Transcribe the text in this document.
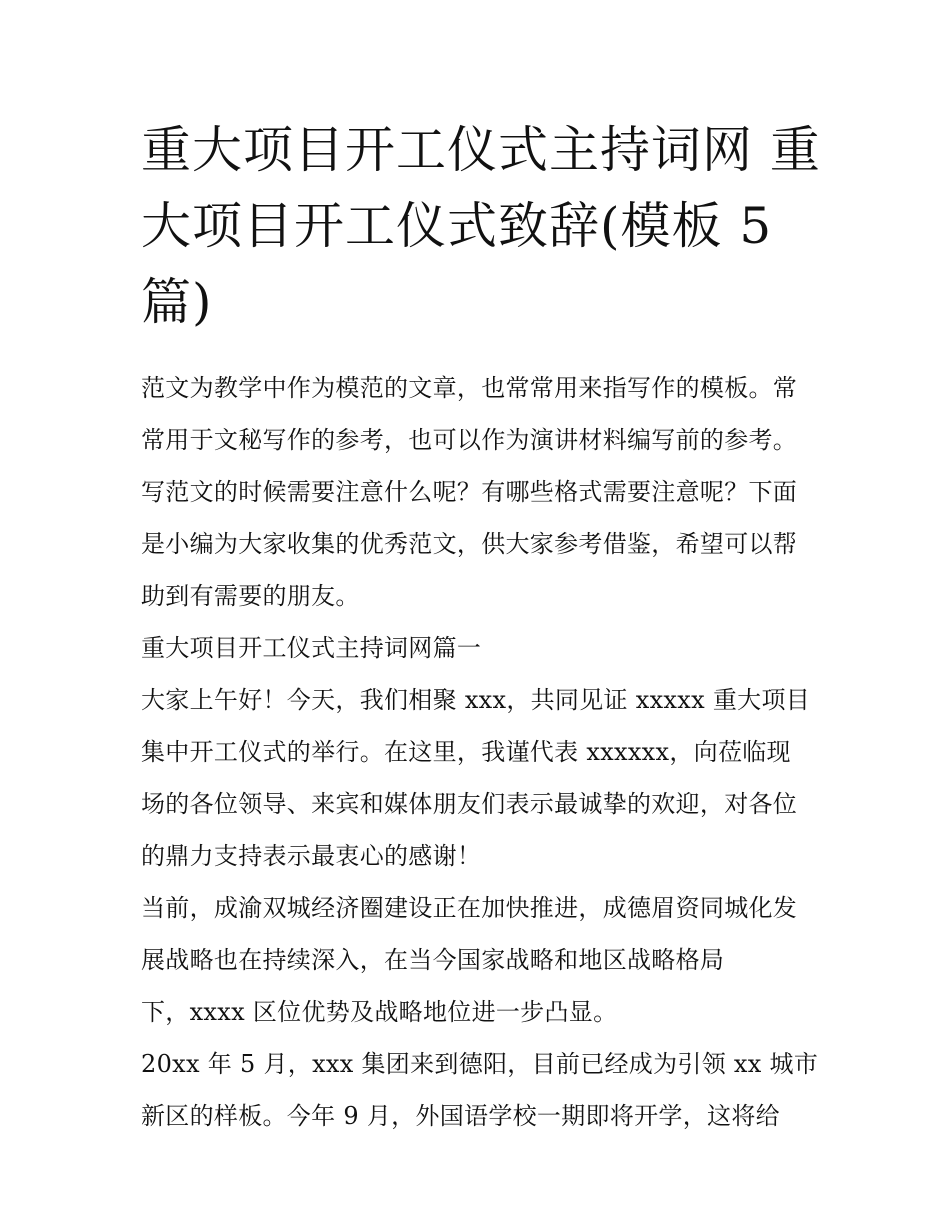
重大项目开工仪式主持词网 重
大项目开工仪式致辞(模板 5
篇)
范文为教学中作为模范的文章，也常常用来指写作的模板。常
常用于文秘写作的参考，也可以作为演讲材料编写前的参考。
写范文的时候需要注意什么呢？有哪些格式需要注意呢？下面
是小编为大家收集的优秀范文，供大家参考借鉴，希望可以帮
助到有需要的朋友。
重大项目开工仪式主持词网篇一
大家上午好！今天，我们相聚 xxx，共同见证 xxxxx 重大项目
集中开工仪式的举行。在这里，我谨代表 xxxxxx，向莅临现
场的各位领导、来宾和媒体朋友们表示最诚挚的欢迎，对各位
的鼎力支持表示最衷心的感谢！
当前，成渝双城经济圈建设正在加快推进，成德眉资同城化发
展战略也在持续深入，在当今国家战略和地区战略格局
下，xxxx 区位优势及战略地位进一步凸显。
20xx 年 5 月，xxx 集团来到德阳，目前已经成为引领 xx 城市
新区的样板。今年 9 月，外国语学校一期即将开学，这将给
